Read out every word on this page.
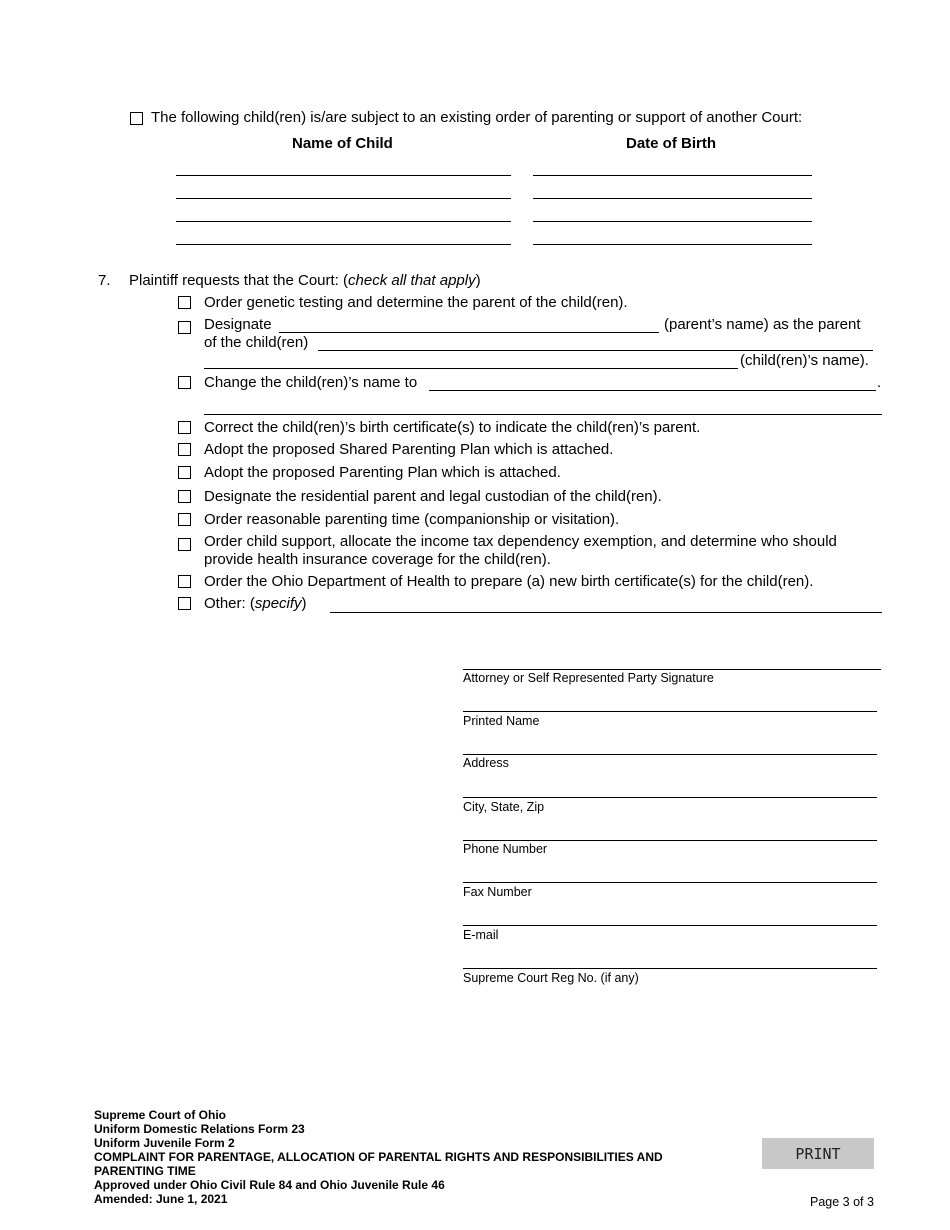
The following child(ren) is/are subject to an existing order of parenting or support of another Court:
Name of Child	Date of Birth
7. Plaintiff requests that the Court: (check all that apply)
Order genetic testing and determine the parent of the child(ren).
Designate	(parent’s name) as the parent
of the child(ren)
(child(ren)’s name).
Change the child(ren)’s name to	.
Correct the child(ren)’s birth certificate(s) to indicate the child(ren)’s parent.
Adopt the proposed Shared Parenting Plan which is attached.
Adopt the proposed Parenting Plan which is attached.
Designate the residential parent and legal custodian of the child(ren).
Order reasonable parenting time (companionship or visitation).
Order child support, allocate the income tax dependency exemption, and determine who should
provide health insurance coverage for the child(ren).
Order the Ohio Department of Health to prepare (a) new birth certificate(s) for the child(ren).
Other: (specify)
Attorney or Self Represented Party Signature
Printed Name
Address
City, State, Zip
Phone Number
Fax Number
E-mail
Supreme Court Reg No. (if any)
Supreme Court of Ohio
Uniform Domestic Relations Form 23
Uniform Juvenile Form 2
COMPLAINT FOR PARENTAGE, ALLOCATION OF PARENTAL RIGHTS AND RESPONSIBILITIES AND
PARENTING TIME
Approved under Ohio Civil Rule 84 and Ohio Juvenile Rule 46
Amended: June 1, 2021
PRINT
Page 3 of 3
